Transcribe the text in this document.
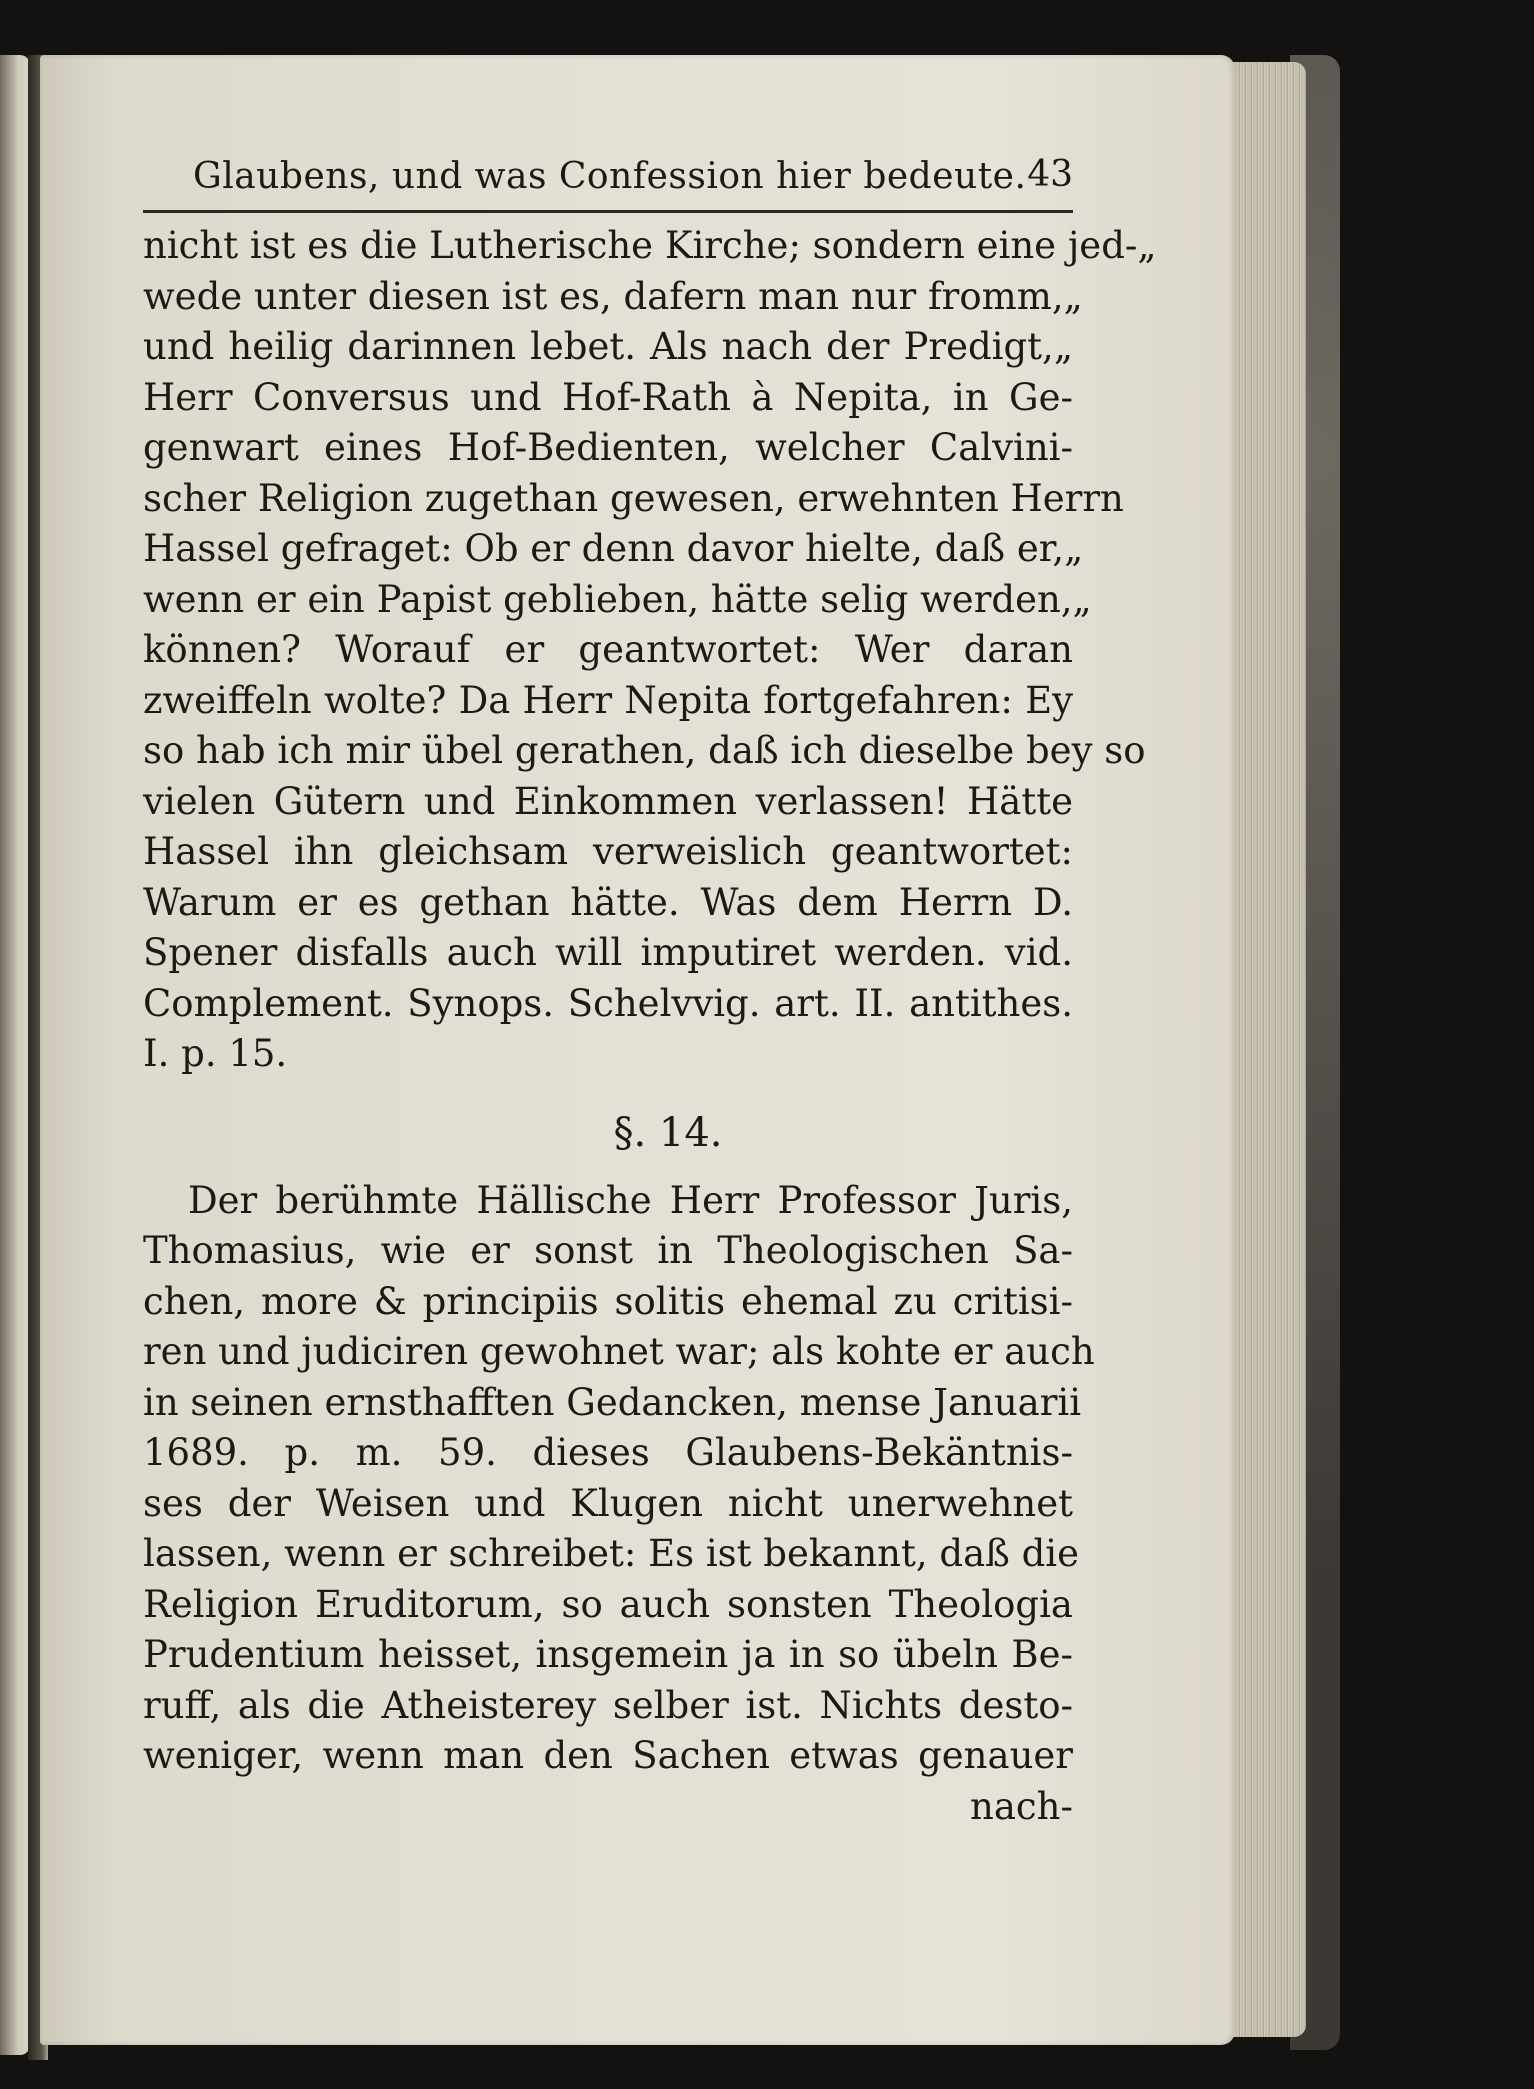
Glaubens, und was Confession hier bedeute. 43
nicht ist es die Lutherische Kirche; sondern eine jed-„
wede unter diesen ist es, dafern man nur fromm,„
und heilig darinnen lebet. Als nach der Predigt,„
Herr Conversus und Hof-Rath à Nepita, in Ge-
genwart eines Hof-Bedienten, welcher Calvini-
scher Religion zugethan gewesen, erwehnten Herrn
Hassel gefraget: Ob er denn davor hielte, daß er,„
wenn er ein Papist geblieben, hätte selig werden,„
können? Worauf er geantwortet: Wer daran
zweiffeln wolte? Da Herr Nepita fortgefahren: Ey
so hab ich mir übel gerathen, daß ich dieselbe bey so
vielen Gütern und Einkommen verlassen! Hätte
Hassel ihn gleichsam verweislich geantwortet:
Warum er es gethan hätte. Was dem Herrn D.
Spener disfalls auch will imputiret werden. vid.
Complement. Synops. Schelvvig. art. II. antithes.
I. p. 15.
§. 14.
Der berühmte Hällische Herr Professor Juris,
Thomasius, wie er sonst in Theologischen Sa-
chen, more & principiis solitis ehemal zu critisi-
ren und judiciren gewohnet war; als kohte er auch
in seinen ernsthafften Gedancken, mense Januarii
1689. p. m. 59. dieses Glaubens-Bekäntnis-
ses der Weisen und Klugen nicht unerwehnet
lassen, wenn er schreibet: Es ist bekannt, daß die
Religion Eruditorum, so auch sonsten Theologia
Prudentium heisset, insgemein ja in so übeln Be-
ruff, als die Atheisterey selber ist. Nichts desto-
weniger, wenn man den Sachen etwas genauer
nach-
